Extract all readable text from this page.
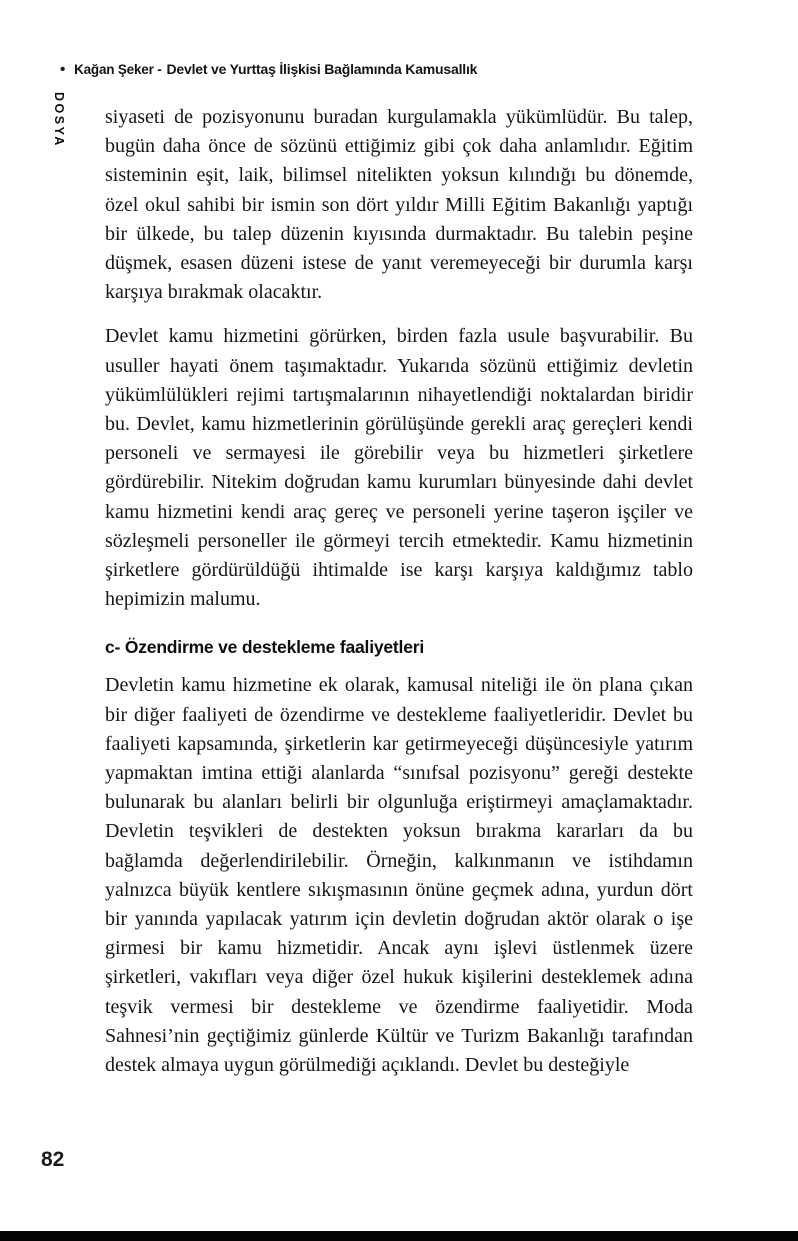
• Kağan Şeker - Devlet ve Yurttaş İlişkisi Bağlamında Kamusallık
DOSYA siyaseti de pozisyonunu buradan kurgulamakla yükümlüdür. Bu talep, bugün daha önce de sözünü ettiğimiz gibi çok daha anlamlıdır. Eğitim sisteminin eşit, laik, bilimsel nitelikten yoksun kılındığı bu dönemde, özel okul sahibi bir ismin son dört yıldır Milli Eğitim Bakanlığı yaptığı bir ülkede, bu talep düzenin kıyısında durmaktadır. Bu talebin peşine düşmek, esasen düzeni istese de yanıt veremeyeceği bir durumla karşı karşıya bırakmak olacaktır.

Devlet kamu hizmetini görürken, birden fazla usule başvurabilir. Bu usuller hayati önem taşımaktadır. Yukarıda sözünü ettiğimiz devletin yükümlülükleri rejimi tartışmalarının nihayetlendiği noktalardan biridir bu. Devlet, kamu hizmetlerinin görülüşünde gerekli araç gereçleri kendi personeli ve sermayesi ile görebilir veya bu hizmetleri şirketlere gördürebilir. Nitekim doğrudan kamu kurumları bünyesinde dahi devlet kamu hizmetini kendi araç gereç ve personeli yerine taşeron işçiler ve sözleşmeli personeller ile görmeyi tercih etmektedir. Kamu hizmetinin şirketlere gördürüldüğü ihtimalde ise karşı karşıya kaldığımız tablo hepimizin malumu.

c- Özendirme ve destekleme faaliyetleri

Devletin kamu hizmetine ek olarak, kamusal niteliği ile ön plana çıkan bir diğer faaliyeti de özendirme ve destekleme faaliyetleridir. Devlet bu faaliyeti kapsamında, şirketlerin kar getirmeyeceği düşüncesiyle yatırım yapmaktan imtina ettiği alanlarda “sınıfsal pozisyonu” gereği destekte bulunarak bu alanları belirli bir olgunluğa eriştirmeyi amaçlamaktadır. Devletin teşvikleri de destekten yoksun bırakma kararları da bu bağlamda değerlendirilebilir. Örneğin, kalkınmanın ve istihdamın yalnızca büyük kentlere sıkışmasının önüne geçmek adına, yurdun dört bir yanında yapılacak yatırım için devletin doğrudan aktör olarak o işe girmesi bir kamu hizmetidir. Ancak aynı işlevi üstlenmek üzere şirketleri, vakıfları veya diğer özel hukuk kişilerini desteklemek adına teşvik vermesi bir destekleme ve özendirme faaliyetidir. Moda Sahnesi’nin geçtiğimiz günlerde Kültür ve Turizm Bakanlığı tarafından destek almaya uygun görülmediği açıklandı. Devlet bu desteğiyle

82
